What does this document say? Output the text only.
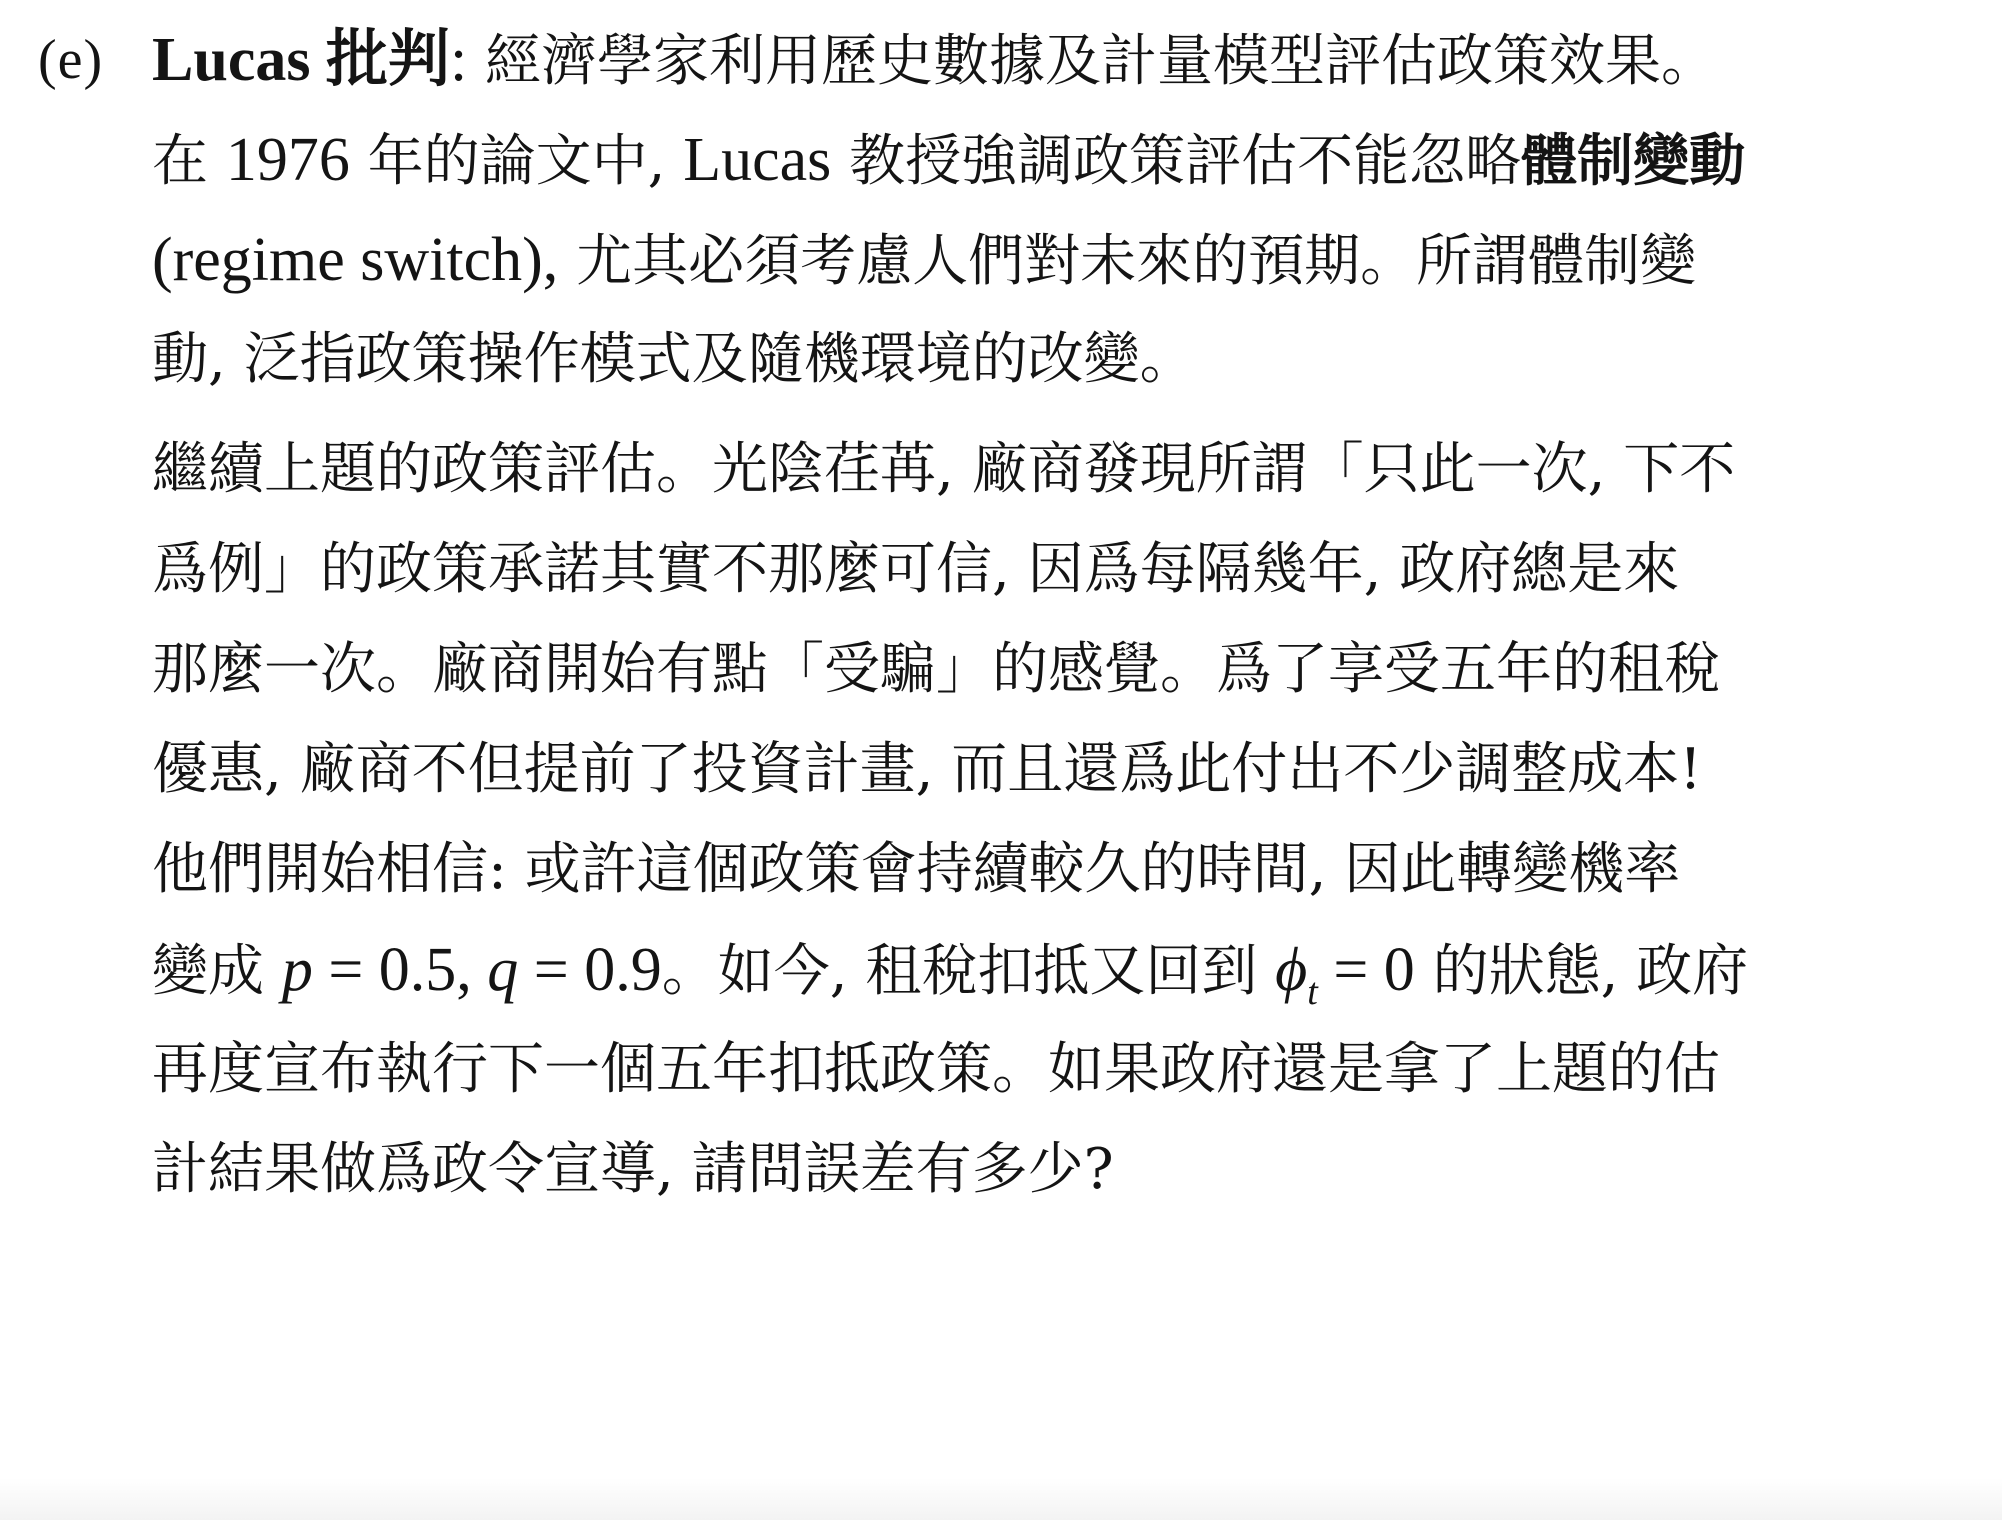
(e) Lucas 批判: 經濟學家利用歷史數據及計量模型評估政策效果。
在 1976 年的論文中, Lucas 教授強調政策評估不能忽略體制變動
(regime switch), 尤其必須考慮人們對未來的預期。所謂體制變
動, 泛指政策操作模式及隨機環境的改變。
繼續上題的政策評估。光陰荏苒, 廠商發現所謂「只此一次, 下不
爲例」的政策承諾其實不那麼可信, 因爲每隔幾年, 政府總是來
那麼一次。廠商開始有點「受騙」的感覺。爲了享受五年的租稅
優惠, 廠商不但提前了投資計畫, 而且還爲此付出不少調整成本!
他們開始相信: 或許這個政策會持續較久的時間, 因此轉變機率
變成 p = 0.5, q = 0.9。如今, 租稅扣抵又回到 $\phi_t = 0$ 的狀態, 政府
再度宣布執行下一個五年扣抵政策。如果政府還是拿了上題的估
計結果做爲政令宣導, 請問誤差有多少?
